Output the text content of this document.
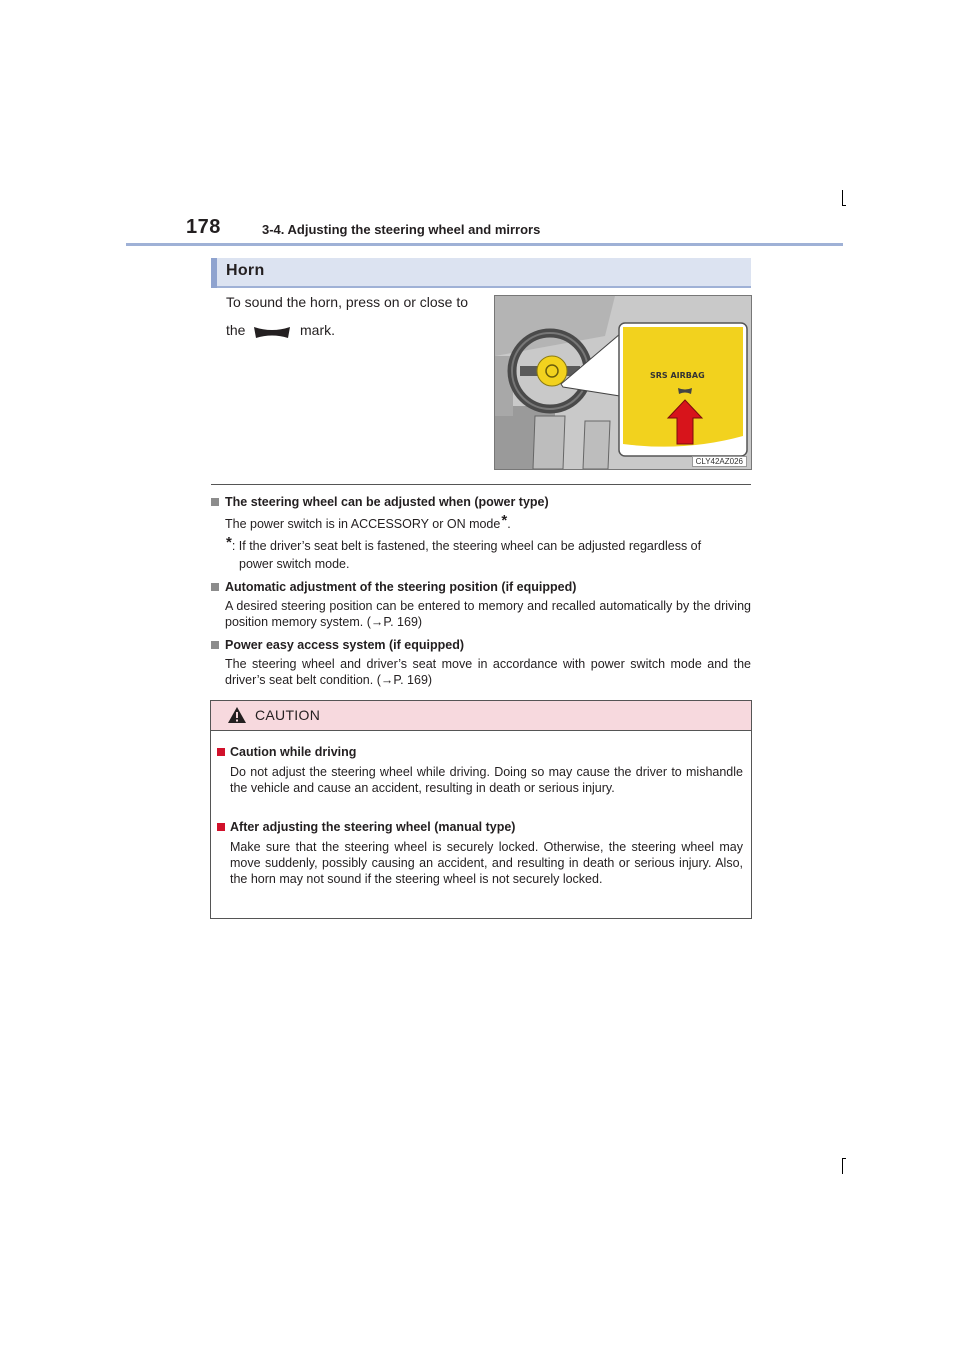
178	3-4. Adjusting the steering wheel and mirrors
Horn
To sound the horn, press on or close to
the	mark.
SRS AIRBAG
CLY42AZ026
The steering wheel can be adjusted when (power type)
The power switch is in ACCESSORY or ON mode*.
*: If the driver’s seat belt is fastened, the steering wheel can be adjusted regardless of
power switch mode.
Automatic adjustment of the steering position (if equipped)
A desired steering position can be entered to memory and recalled automatically by the driving position memory system. (→P. 169)
Power easy access system (if equipped)
The steering wheel and driver’s seat move in accordance with power switch mode and the driver’s seat belt condition. (→P. 169)
CAUTION
Caution while driving
Do not adjust the steering wheel while driving. Doing so may cause the driver to mishandle the vehicle and cause an accident, resulting in death or serious injury.
After adjusting the steering wheel (manual type)
Make sure that the steering wheel is securely locked. Otherwise, the steering wheel may move suddenly, possibly causing an accident, and resulting in death or serious injury. Also, the horn may not sound if the steering wheel is not securely locked.
